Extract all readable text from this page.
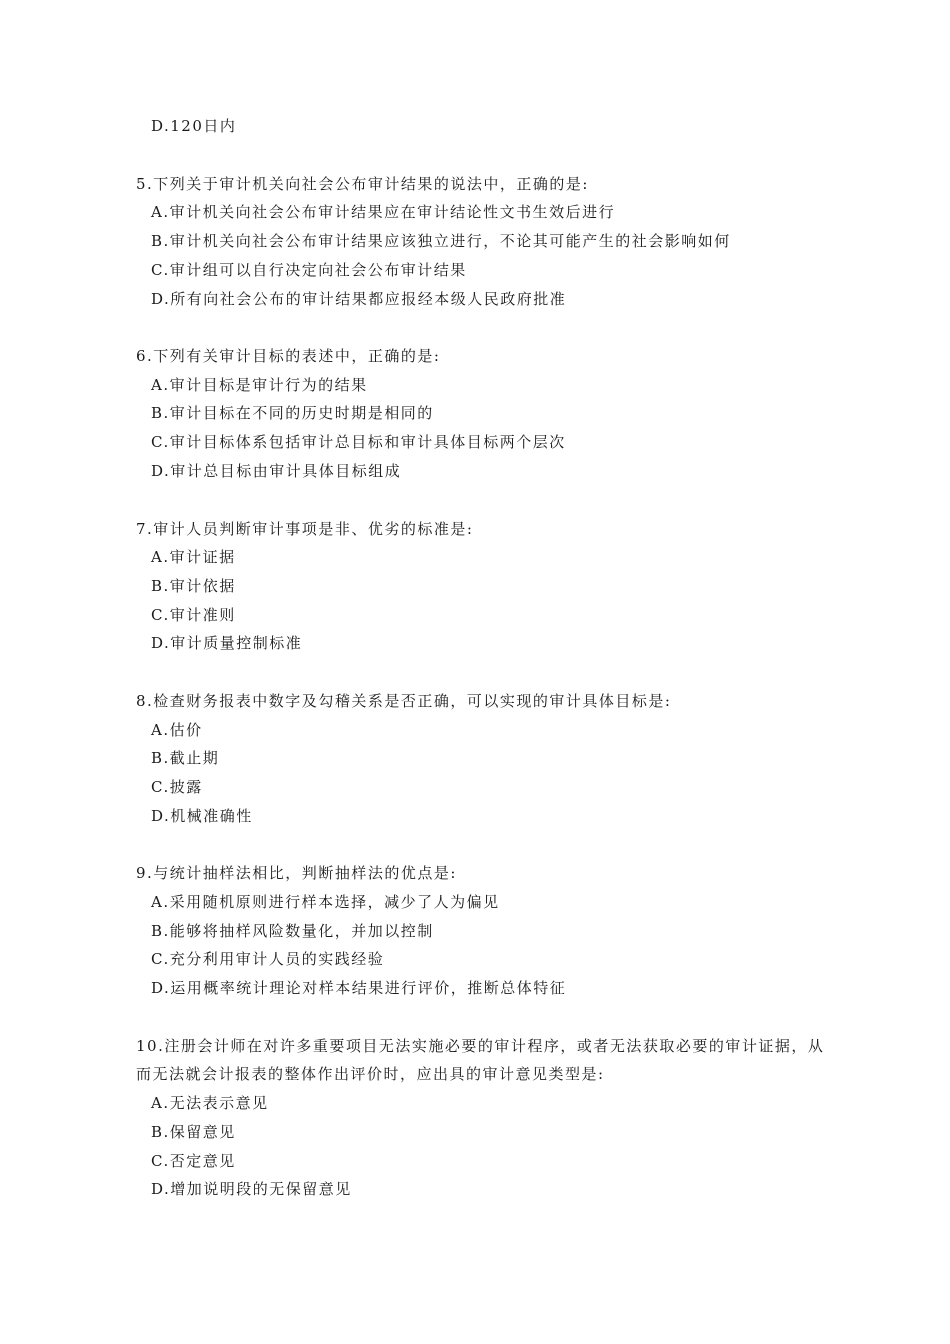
D.120日内
5.下列关于审计机关向社会公布审计结果的说法中，正确的是:
A.审计机关向社会公布审计结果应在审计结论性文书生效后进行
B.审计机关向社会公布审计结果应该独立进行，不论其可能产生的社会影响如何
C.审计组可以自行决定向社会公布审计结果
D.所有向社会公布的审计结果都应报经本级人民政府批准
6.下列有关审计目标的表述中，正确的是:
A.审计目标是审计行为的结果
B.审计目标在不同的历史时期是相同的
C.审计目标体系包括审计总目标和审计具体目标两个层次
D.审计总目标由审计具体目标组成
7.审计人员判断审计事项是非、优劣的标准是:
A.审计证据
B.审计依据
C.审计准则
D.审计质量控制标准
8.检查财务报表中数字及勾稽关系是否正确，可以实现的审计具体目标是:
A.估价
B.截止期
C.披露
D.机械准确性
9.与统计抽样法相比，判断抽样法的优点是:
A.采用随机原则进行样本选择，减少了人为偏见
B.能够将抽样风险数量化，并加以控制
C.充分利用审计人员的实践经验
D.运用概率统计理论对样本结果进行评价，推断总体特征
10.注册会计师在对许多重要项目无法实施必要的审计程序，或者无法获取必要的审计证据，从
而无法就会计报表的整体作出评价时，应出具的审计意见类型是:
A.无法表示意见
B.保留意见
C.否定意见
D.增加说明段的无保留意见
